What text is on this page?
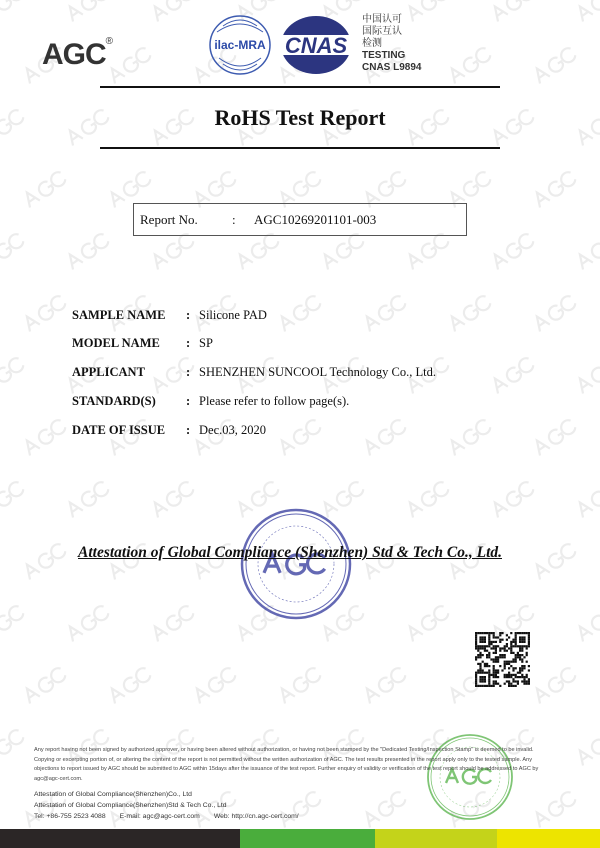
AGC®	ilac-MRA CNAS
中国认可
国际互认
检测
TESTING
CNAS L9894
RoHS Test Report
Report No.	: AGC10269201101-003
SAMPLE NAME : Silicone PAD
MODEL NAME : SP
APPLICANT	: SHENZHEN SUNCOOL Technology Co., Ltd.
STANDARD(S) : Please refer to follow page(s).
DATE OF ISSUE : Dec.03, 2020
Attestation of Global Compliance (Shenzhen) Std & Tech Co., Ltd.
Any report having not been signed by authorized approver, or having been altered without authorization, or having not been stamped by the "Dedicated Testing/Inspection Stamp" is deemed to be invalid. Copying or excerpting portion of, or altering the content of the report is not permitted without the written authorization of AGC. The test results presented in the report apply only to the tested sample. Any objections to report issued by AGC should be submitted to AGC within 15days after the issuance of the test report. Further enquiry of validity or verification of the test report should be addressed to AGC by agc@agc-cert.com.
Attestation of Global Compliance(Shenzhen)Co., Ltd
Attestation of Global Compliance(Shenzhen)Std & Tech Co., Ltd
Tel: +86-755 2523 4088 E-mail: agc@agc-cert.com Web: http://cn.agc-cert.com/
